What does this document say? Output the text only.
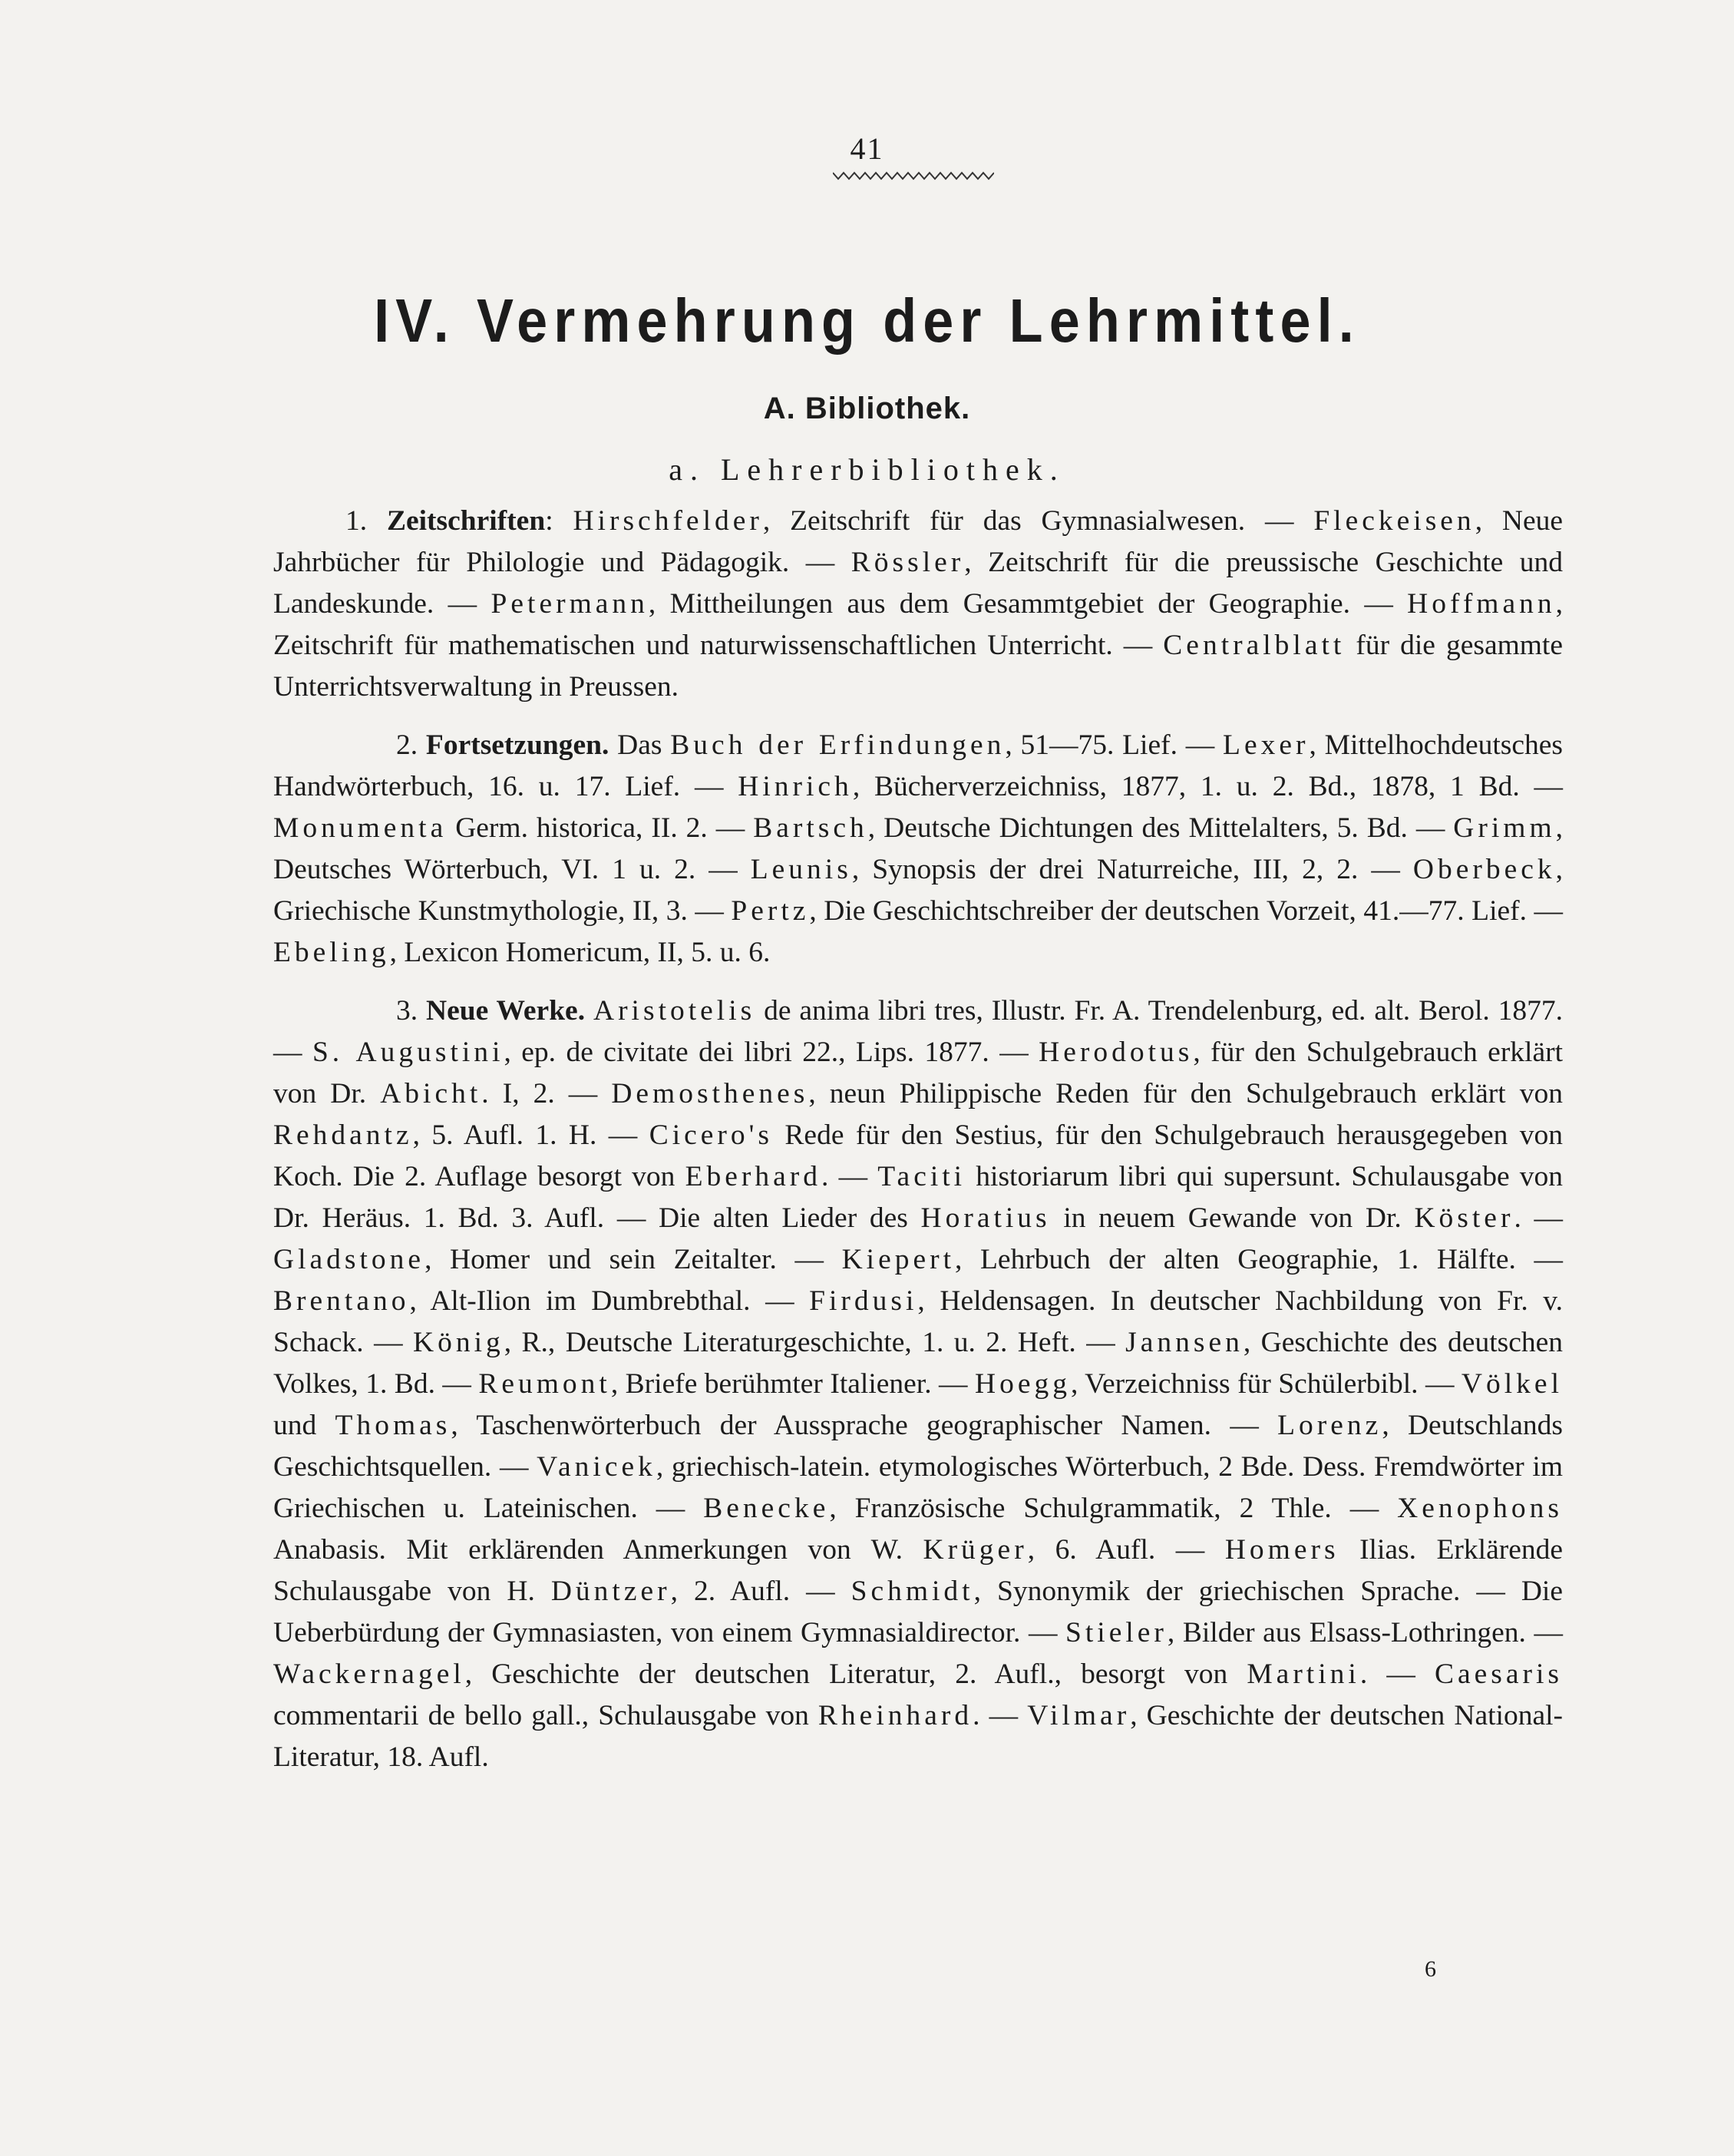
41
IV. Vermehrung der Lehrmittel.
A. Bibliothek.
a. Lehrerbibliothek.

1. Zeitschriften: Hirschfelder, Zeitschrift für das Gymnasialwesen. — Fleckeisen, Neue Jahrbücher für Philologie und Pädagogik. — Rössler, Zeitschrift für die preussische Geschichte und Landeskunde. — Petermann, Mittheilungen aus dem Gesammtgebiet der Geographie. — Hoffmann, Zeitschrift für mathematischen und naturwissenschaftlichen Unterricht. — Centralblatt für die gesammte Unterrichtsverwaltung in Preussen.

2. Fortsetzungen. Das Buch der Erfindungen, 51—75. Lief. — Lexer, Mittelhochdeutsches Handwörterbuch, 16. u. 17. Lief. — Hinrich, Bücherverzeichniss, 1877, 1. u. 2. Bd., 1878, 1 Bd. — Monumenta Germ. historica, II. 2. — Bartsch, Deutsche Dichtungen des Mittelalters, 5. Bd. — Grimm, Deutsches Wörterbuch, VI. 1 u. 2. — Leunis, Synopsis der drei Naturreiche, III, 2, 2. — Oberbeck, Griechische Kunstmythologie, II, 3. — Pertz, Die Geschichtschreiber der deutschen Vorzeit, 41.—77. Lief. — Ebeling, Lexicon Homericum, II, 5. u. 6.

3. Neue Werke. Aristotelis de anima libri tres, Illustr. Fr. A. Trendelenburg, ed. alt. Berol. 1877. — S. Augustini, ep. de civitate dei libri 22., Lips. 1877. — Herodotus, für den Schulgebrauch erklärt von Dr. Abicht. I, 2. — Demosthenes, neun Philippische Reden für den Schulgebrauch erklärt von Rehdantz, 5. Aufl. 1. H. — Cicero's Rede für den Sestius, für den Schulgebrauch herausgegeben von Koch. Die 2. Auflage besorgt von Eberhard. — Taciti historiarum libri qui supersunt. Schulausgabe von Dr. Heräus. 1. Bd. 3. Aufl. — Die alten Lieder des Horatius in neuem Gewande von Dr. Köster. — Gladstone, Homer und sein Zeitalter. — Kiepert, Lehrbuch der alten Geographie, 1. Hälfte. — Brentano, Alt-Ilion im Dumbrebthal. — Firdusi, Heldensagen. In deutscher Nachbildung von Fr. v. Schack. — König, R., Deutsche Literaturgeschichte, 1. u. 2. Heft. — Jannsen, Geschichte des deutschen Volkes, 1. Bd. — Reumont, Briefe berühmter Italiener. — Hoegg, Verzeichniss für Schülerbibl. — Völkel und Thomas, Taschenwörterbuch der Aussprache geographischer Namen. — Lorenz, Deutschlands Geschichtsquellen. — Vanicek, griechisch-latein. etymologisches Wörterbuch, 2 Bde. Dess. Fremdwörter im Griechischen u. Lateinischen. — Benecke, Französische Schulgrammatik, 2 Thle. — Xenophons Anabasis. Mit erklärenden Anmerkungen von W. Krüger, 6. Aufl. — Homers Ilias. Erklärende Schulausgabe von H. Düntzer, 2. Aufl. — Schmidt, Synonymik der griechischen Sprache. — Die Ueberbürdung der Gymnasiasten, von einem Gymnasialdirector. — Stieler, Bilder aus Elsass-Lothringen. — Wackernagel, Geschichte der deutschen Literatur, 2. Aufl., besorgt von Martini. — Caesaris commentarii de bello gall., Schulausgabe von Rheinhard. — Vilmar, Geschichte der deutschen National-Literatur, 18. Aufl.

6
